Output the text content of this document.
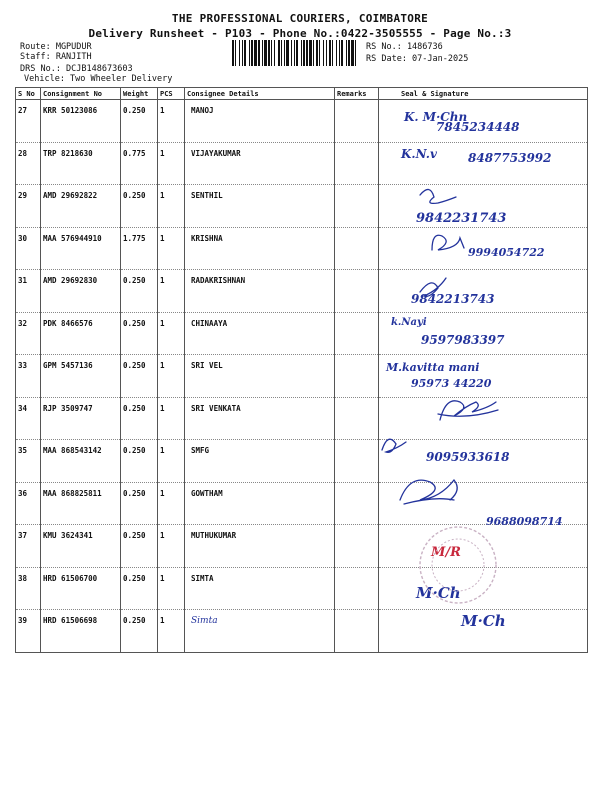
THE PROFESSIONAL COURIERS, COIMBATORE
Delivery Runsheet - P103 - Phone No.:0422-3505555 - Page No.:3
Route: MGPUDUR
Staff: RANJITH
DRS No.: DCJB148673603
Vehicle: Two Wheeler Delivery
RS No.: 1486736
RS Date: 07-Jan-2025
S No	Consignment No	Weight	PCS	Consignee Details	Remarks	Seal & Signature
27	KRR 50123086	0.250	1	MANOJ		K. M·Chn
7845234448

28	TRP 8218630	0.775	1	VIJAYAKUMAR		K.N.v 8487753992

29	AMD 29692822	0.250	1	SENTHIL		9842231743

30	MAA 576944910	1.775	1	KRISHNA		9994054722

31	AMD 29692830	0.250	1	RADAKRISHNAN		9842213743

32	PDK 8466576	0.250	1	CHINAAYA		k.Nayi
9597983397

33	GPM 5457136	0.250	1	SRI VEL		M.kavitta mani
95973 44220

34	RJP 3509747	0.250	1	SRI VENKATA		
35	MAA 868543142	0.250	1	SMFG		9095933618

36	MAA 868825811	0.250	1	GOWTHAM		9688098714

37	KMU 3624341	0.250	1	MUTHUKUMAR		M/R

38	HRD 61506700	0.250	1	SIMTA		M·Ch

39	HRD 61506698	0.250	1	Simta		M·Ch
